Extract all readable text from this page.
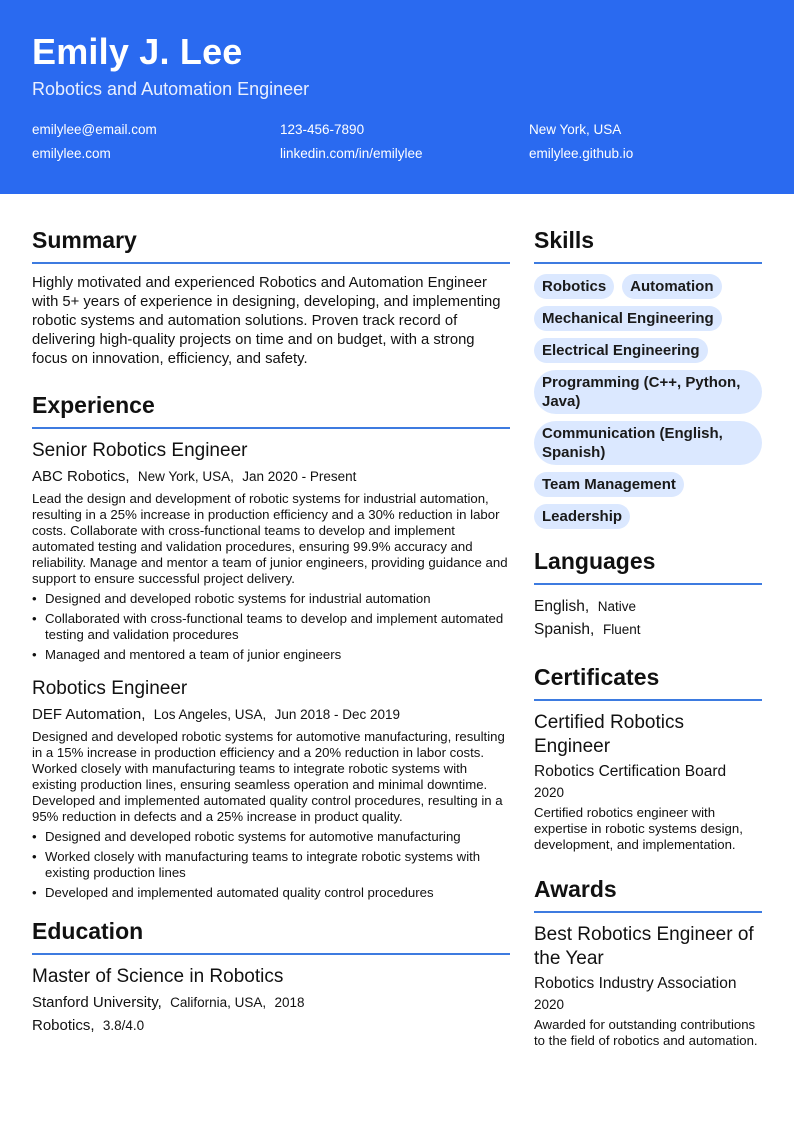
Emily J. Lee
Robotics and Automation Engineer
emilylee@email.com	123-456-7890	New York, USA
emilylee.com	linkedin.com/in/emilylee	emilylee.github.io
Summary
Highly motivated and experienced Robotics and Automation Engineer with 5+ years of experience in designing, developing, and implementing robotic systems and automation solutions. Proven track record of delivering high-quality projects on time and on budget, with a strong focus on innovation, efficiency, and safety.
Experience
Senior Robotics Engineer
ABC Robotics, New York, USA, Jan 2020 - Present
Lead the design and development of robotic systems for industrial automation, resulting in a 25% increase in production efficiency and a 30% reduction in labor costs. Collaborate with cross-functional teams to develop and implement automated testing and validation procedures, ensuring 99.9% accuracy and reliability. Manage and mentor a team of junior engineers, providing guidance and support to ensure successful project delivery.
• Designed and developed robotic systems for industrial automation
• Collaborated with cross-functional teams to develop and implement automated testing and validation procedures
• Managed and mentored a team of junior engineers
Robotics Engineer
DEF Automation, Los Angeles, USA, Jun 2018 - Dec 2019
Designed and developed robotic systems for automotive manufacturing, resulting in a 15% increase in production efficiency and a 20% reduction in labor costs. Worked closely with manufacturing teams to integrate robotic systems with existing production lines, ensuring seamless operation and minimal downtime. Developed and implemented automated quality control procedures, resulting in a 95% reduction in defects and a 25% increase in product quality.
• Designed and developed robotic systems for automotive manufacturing
• Worked closely with manufacturing teams to integrate robotic systems with existing production lines
• Developed and implemented automated quality control procedures
Education
Master of Science in Robotics
Stanford University, California, USA, 2018
Robotics, 3.8/4.0
Skills
Robotics	Automation
Mechanical Engineering
Electrical Engineering
Programming (C++, Python, Java)
Communication (English, Spanish)
Team Management
Leadership
Languages
English, Native
Spanish, Fluent
Certificates
Certified Robotics Engineer
Robotics Certification Board
2020
Certified robotics engineer with expertise in robotic systems design, development, and implementation.
Awards
Best Robotics Engineer of the Year
Robotics Industry Association
2020
Awarded for outstanding contributions to the field of robotics and automation.
